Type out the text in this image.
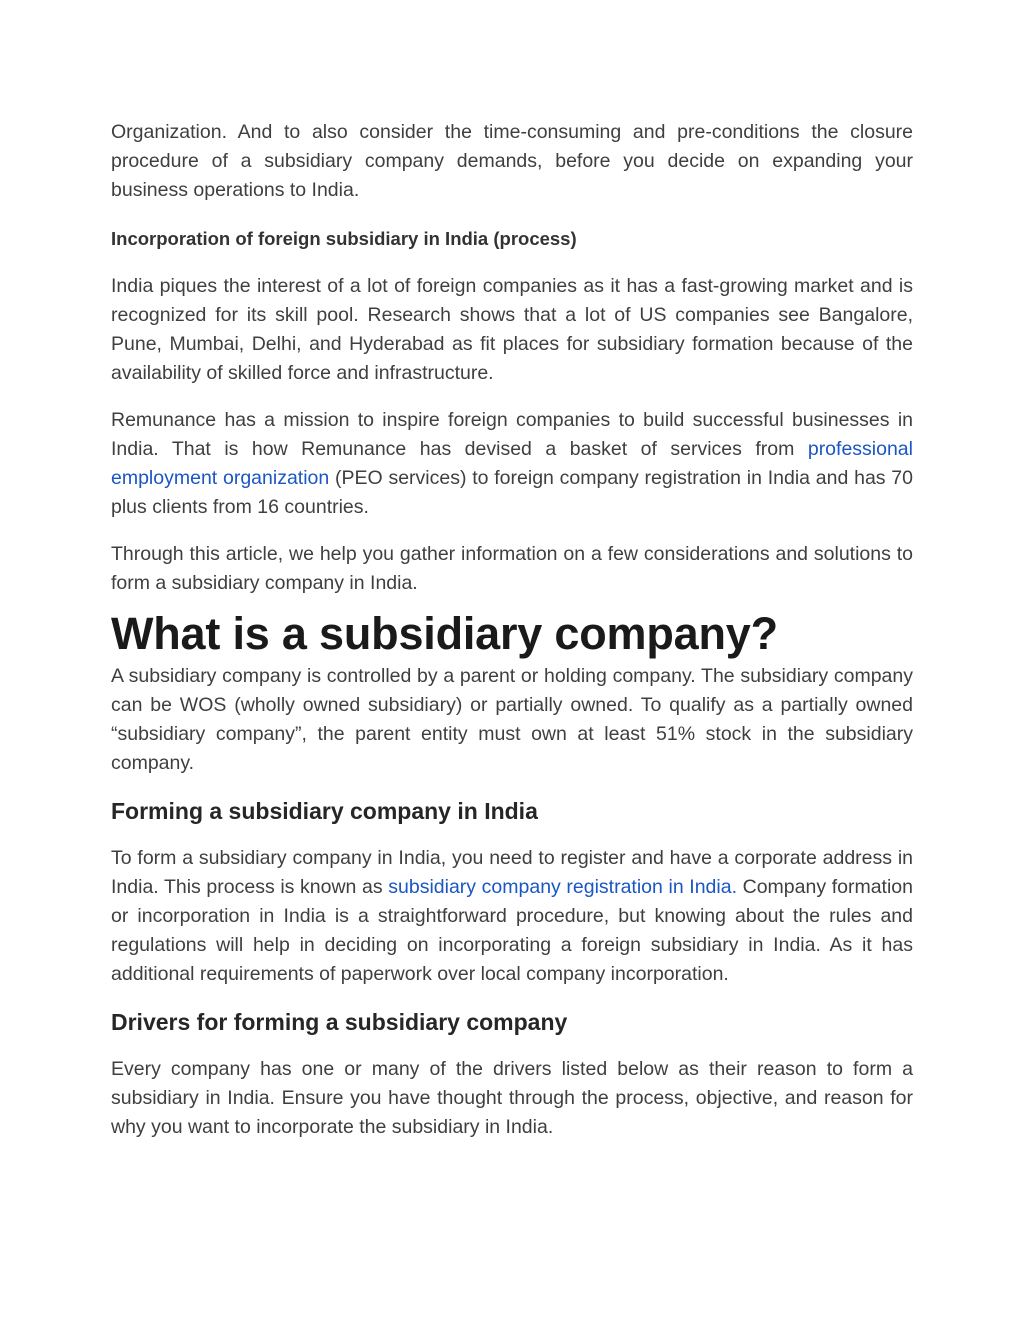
Organization. And to also consider the time-consuming and pre-conditions the closure procedure of a subsidiary company demands, before you decide on expanding your business operations to India.

Incorporation of foreign subsidiary in India (process)

India piques the interest of a lot of foreign companies as it has a fast-growing market and is recognized for its skill pool. Research shows that a lot of US companies see Bangalore, Pune, Mumbai, Delhi, and Hyderabad as fit places for subsidiary formation because of the availability of skilled force and infrastructure.

Remunance has a mission to inspire foreign companies to build successful businesses in India. That is how Remunance has devised a basket of services from professional employment organization (PEO services) to foreign company registration in India and has 70 plus clients from 16 countries.

Through this article, we help you gather information on a few considerations and solutions to form a subsidiary company in India.

What is a subsidiary company?

A subsidiary company is controlled by a parent or holding company. The subsidiary company can be WOS (wholly owned subsidiary) or partially owned. To qualify as a partially owned “subsidiary company”, the parent entity must own at least 51% stock in the subsidiary company.

Forming a subsidiary company in India

To form a subsidiary company in India, you need to register and have a corporate address in India. This process is known as subsidiary company registration in India. Company formation or incorporation in India is a straightforward procedure, but knowing about the rules and regulations will help in deciding on incorporating a foreign subsidiary in India. As it has additional requirements of paperwork over local company incorporation.

Drivers for forming a subsidiary company

Every company has one or many of the drivers listed below as their reason to form a subsidiary in India. Ensure you have thought through the process, objective, and reason for why you want to incorporate the subsidiary in India.
